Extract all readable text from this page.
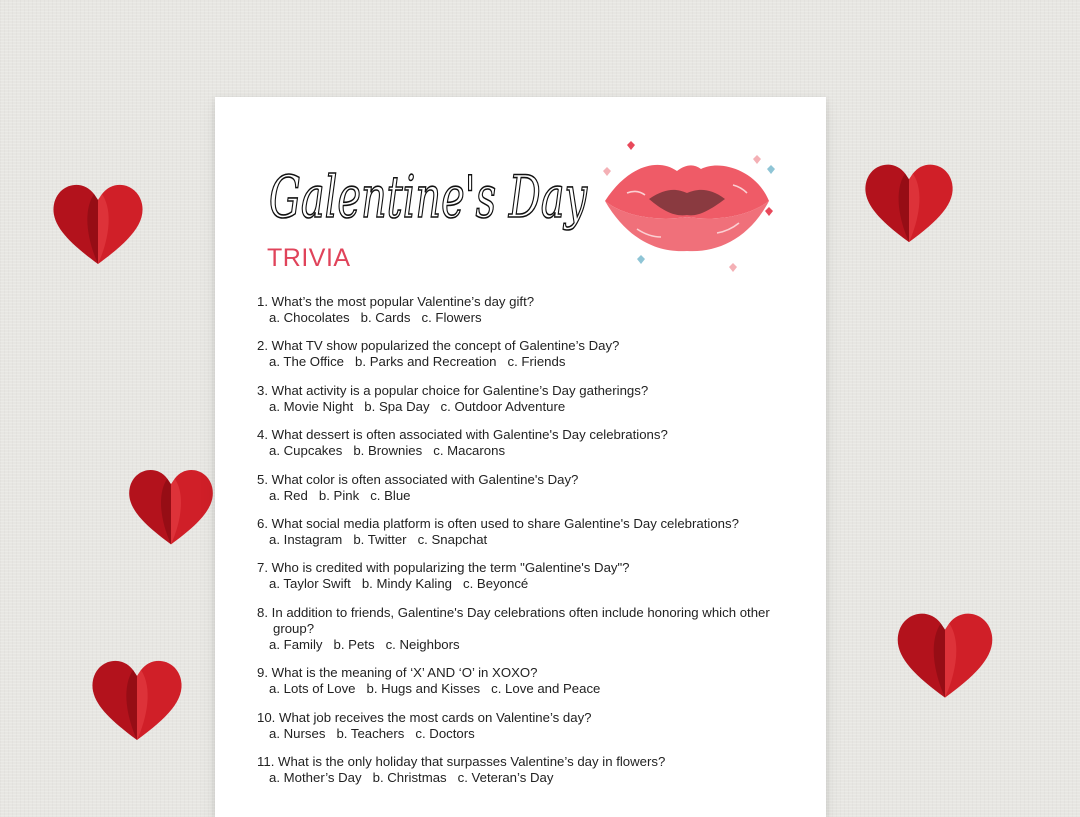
Galentine's Day
TRIVIA
1. What’s the most popular Valentine’s day gift?
a. Chocolates b. Cards c. Flowers
2. What TV show popularized the concept of Galentine’s Day?
a. The Office b. Parks and Recreation c. Friends
3. What activity is a popular choice for Galentine’s Day gatherings?
a. Movie Night b. Spa Day c. Outdoor Adventure
4. What dessert is often associated with Galentine's Day celebrations?
a. Cupcakes b. Brownies c. Macarons
5. What color is often associated with Galentine's Day?
a. Red b. Pink c. Blue
6. What social media platform is often used to share Galentine's Day celebrations?
a. Instagram b. Twitter c. Snapchat
7. Who is credited with popularizing the term "Galentine's Day"?
a. Taylor Swift b. Mindy Kaling c. Beyoncé
8. In addition to friends, Galentine's Day celebrations often include honoring which other group?
a. Family b. Pets c. Neighbors
9. What is the meaning of ‘X’ AND ‘O’ in XOXO?
a. Lots of Love b. Hugs and Kisses c. Love and Peace
10. What job receives the most cards on Valentine’s day?
a. Nurses b. Teachers c. Doctors
11. What is the only holiday that surpasses Valentine’s day in flowers?
a. Mother’s Day b. Christmas c. Veteran’s Day
